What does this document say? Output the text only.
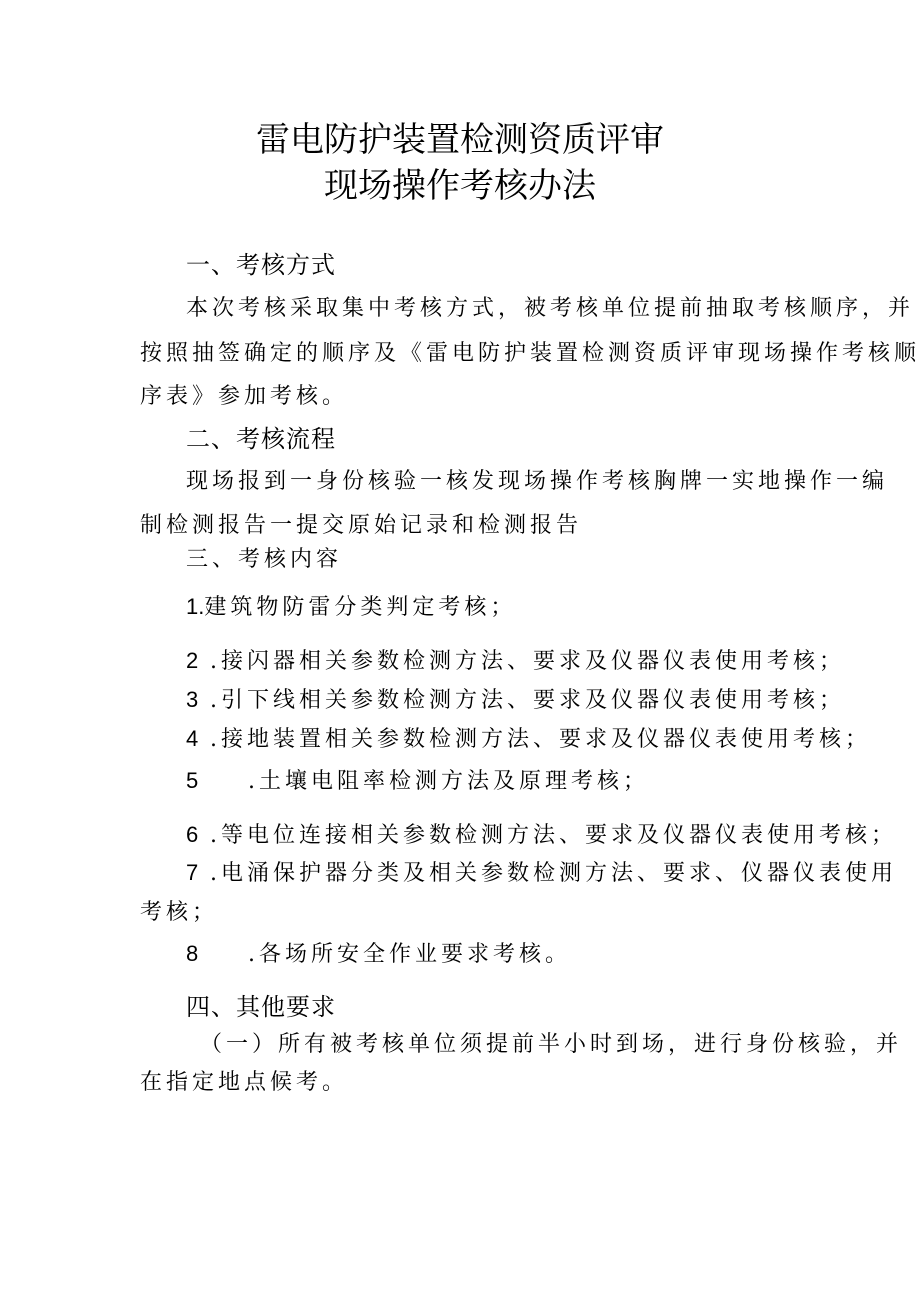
雷电防护装置检测资质评审
现场操作考核办法
一、考核方式
本次考核采取集中考核方式，被考核单位提前抽取考核顺序，并
按照抽签确定的顺序及《雷电防护装置检测资质评审现场操作考核顺
序表》参加考核。
二、考核流程
现场报到一身份核验一核发现场操作考核胸牌一实地操作一编
制检测报告一提交原始记录和检测报告
三、考核内容
1.建筑物防雷分类判定考核；
2 .接闪器相关参数检测方法、要求及仪器仪表使用考核；
3 .引下线相关参数检测方法、要求及仪器仪表使用考核；
4 .接地装置相关参数检测方法、要求及仪器仪表使用考核；
5 .土壤电阻率检测方法及原理考核；
6 .等电位连接相关参数检测方法、要求及仪器仪表使用考核；
7 .电涌保护器分类及相关参数检测方法、要求、仪器仪表使用
考核；
8 .各场所安全作业要求考核。
四、其他要求
（一）所有被考核单位须提前半小时到场，进行身份核验，并
在指定地点候考。
